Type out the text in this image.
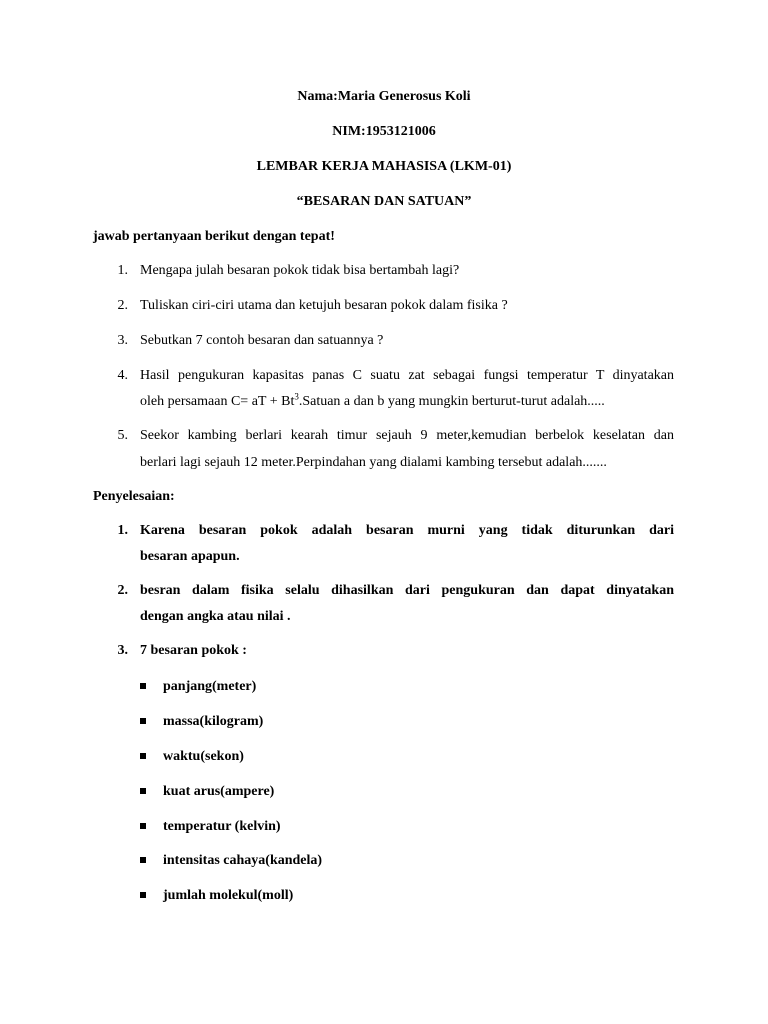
Nama:Maria Generosus Koli
NIM:1953121006
LEMBAR KERJA MAHASISA (LKM-01)
“BESARAN DAN SATUAN”
jawab pertanyaan berikut dengan tepat!
1. Mengapa julah besaran pokok tidak bisa bertambah lagi?
2. Tuliskan ciri-ciri utama dan ketujuh besaran pokok dalam fisika ?
3. Sebutkan 7 contoh besaran dan satuannya ?
4. Hasil pengukuran kapasitas panas C suatu zat sebagai fungsi temperatur T dinyatakan
oleh persamaan C= aT + $Bt^3.Satuan$ a dan b yang mungkin berturut-turut adalah.....
5. Seekor kambing berlari kearah timur sejauh 9 meter,kemudian berbelok keselatan dan
berlari lagi sejauh 12 meter.Perpindahan yang dialami kambing tersebut adalah.......
Penyelesaian:
1. Karena besaran pokok adalah besaran murni yang tidak diturunkan dari
besaran apapun.
2. besran dalam fisika selalu dihasilkan dari pengukuran dan dapat dinyatakan
dengan angka atau nilai .
3. 7 besaran pokok :
panjang(meter)
massa(kilogram)
waktu(sekon)
kuat arus(ampere)
temperatur (kelvin)
intensitas cahaya(kandela)
jumlah molekul(moll)
